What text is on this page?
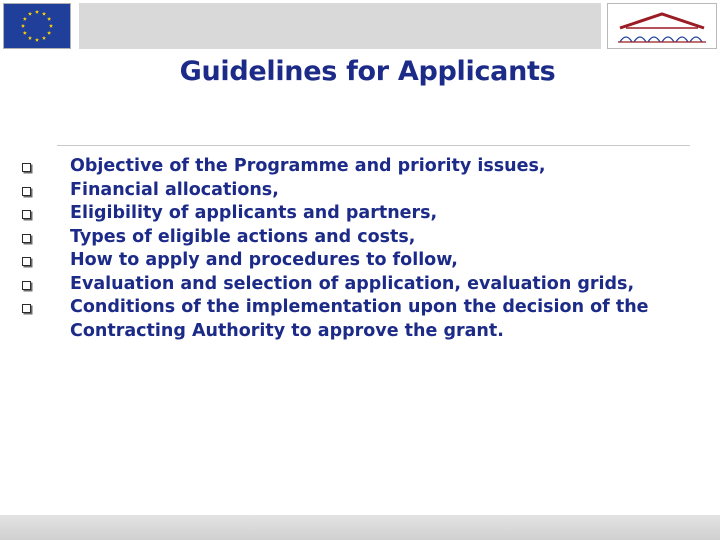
Guidelines for Applicants
Objective of the Programme and priority issues,
Financial allocations,
Eligibility of applicants and partners,
Types of eligible actions and costs,
How to apply and procedures to follow,
Evaluation and selection of application, evaluation grids,
Conditions of the implementation upon the decision of the Contracting Authority to approve the grant.
